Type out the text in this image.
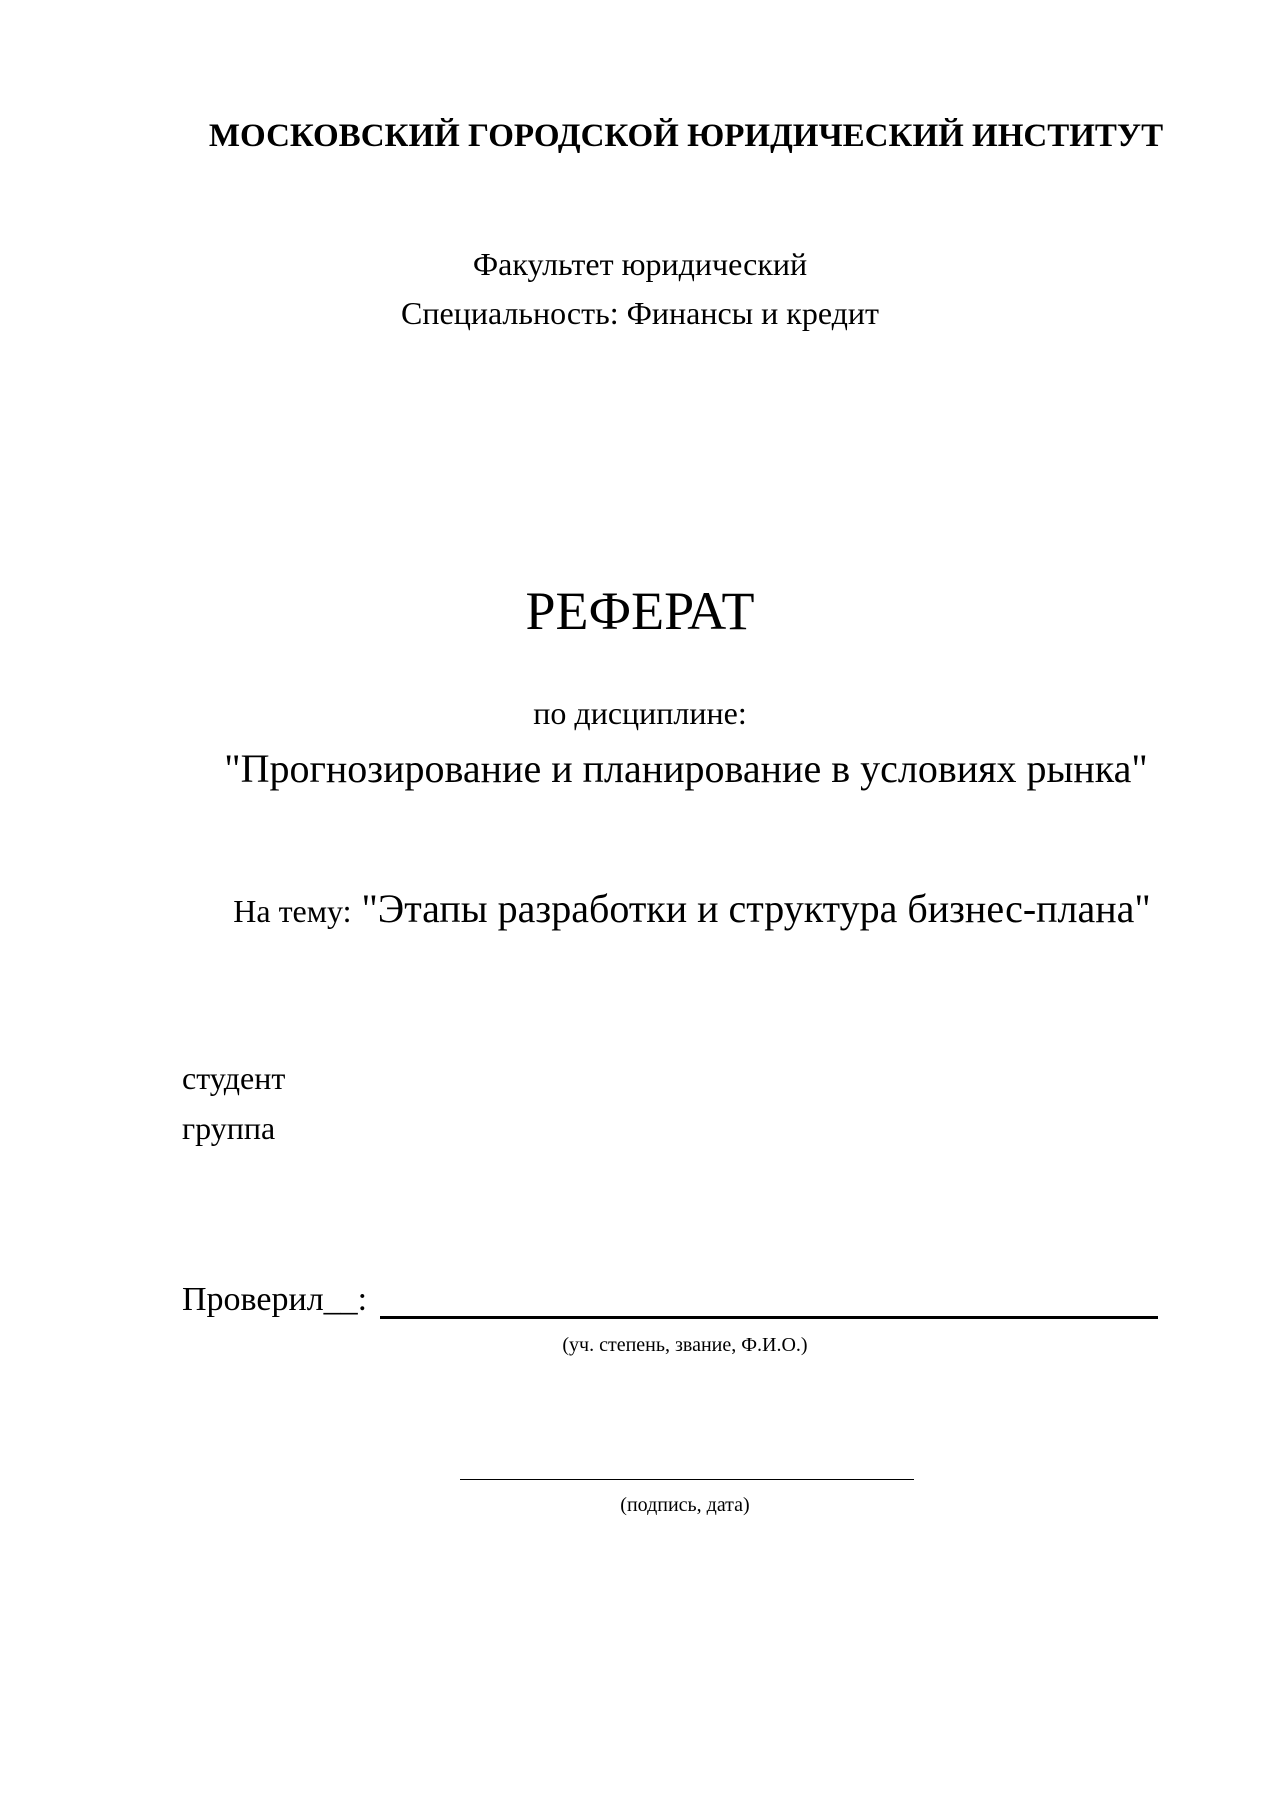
МОСКОВСКИЙ ГОРОДСКОЙ ЮРИДИЧЕСКИЙ ИНСТИТУТ
Факультет юридический
Специальность: Финансы и кредит
РЕФЕРАТ
по дисциплине:
"Прогнозирование и планирование в условиях рынка"
На тему: "Этапы разработки и структура бизнес-плана"
студент
группа
Проверил__:
(уч. степень, звание, Ф.И.О.)
(подпись, дата)
